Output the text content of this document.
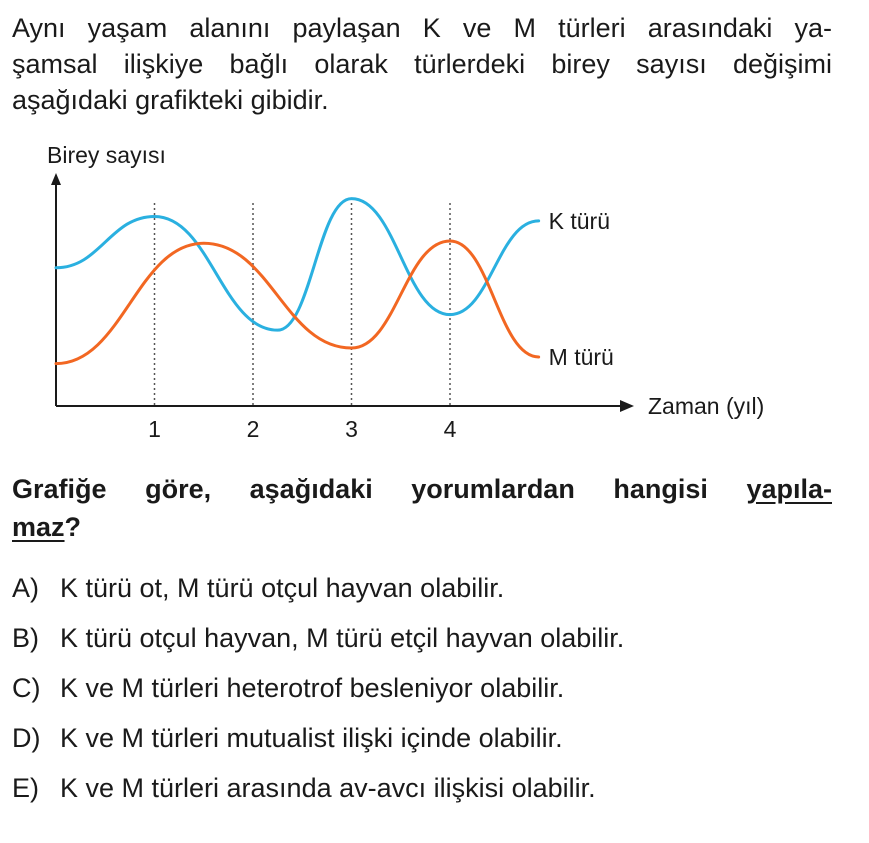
Aynı yaşam alanını paylaşan K ve M türleri arasındaki ya-
şamsal ilişkiye bağlı olarak türlerdeki birey sayısı değişimi
aşağıdaki grafikteki gibidir.
Birey sayısı
Zaman (yıl)
1	2	3	4
K türü
M türü
Grafiğe göre, aşağıdaki yorumlardan hangisi yapıla-
maz?
A) K türü ot, M türü otçul hayvan olabilir.
B) K türü otçul hayvan, M türü etçil hayvan olabilir.
C) K ve M türleri heterotrof besleniyor olabilir.
D) K ve M türleri mutualist ilişki içinde olabilir.
E) K ve M türleri arasında av-avcı ilişkisi olabilir.
